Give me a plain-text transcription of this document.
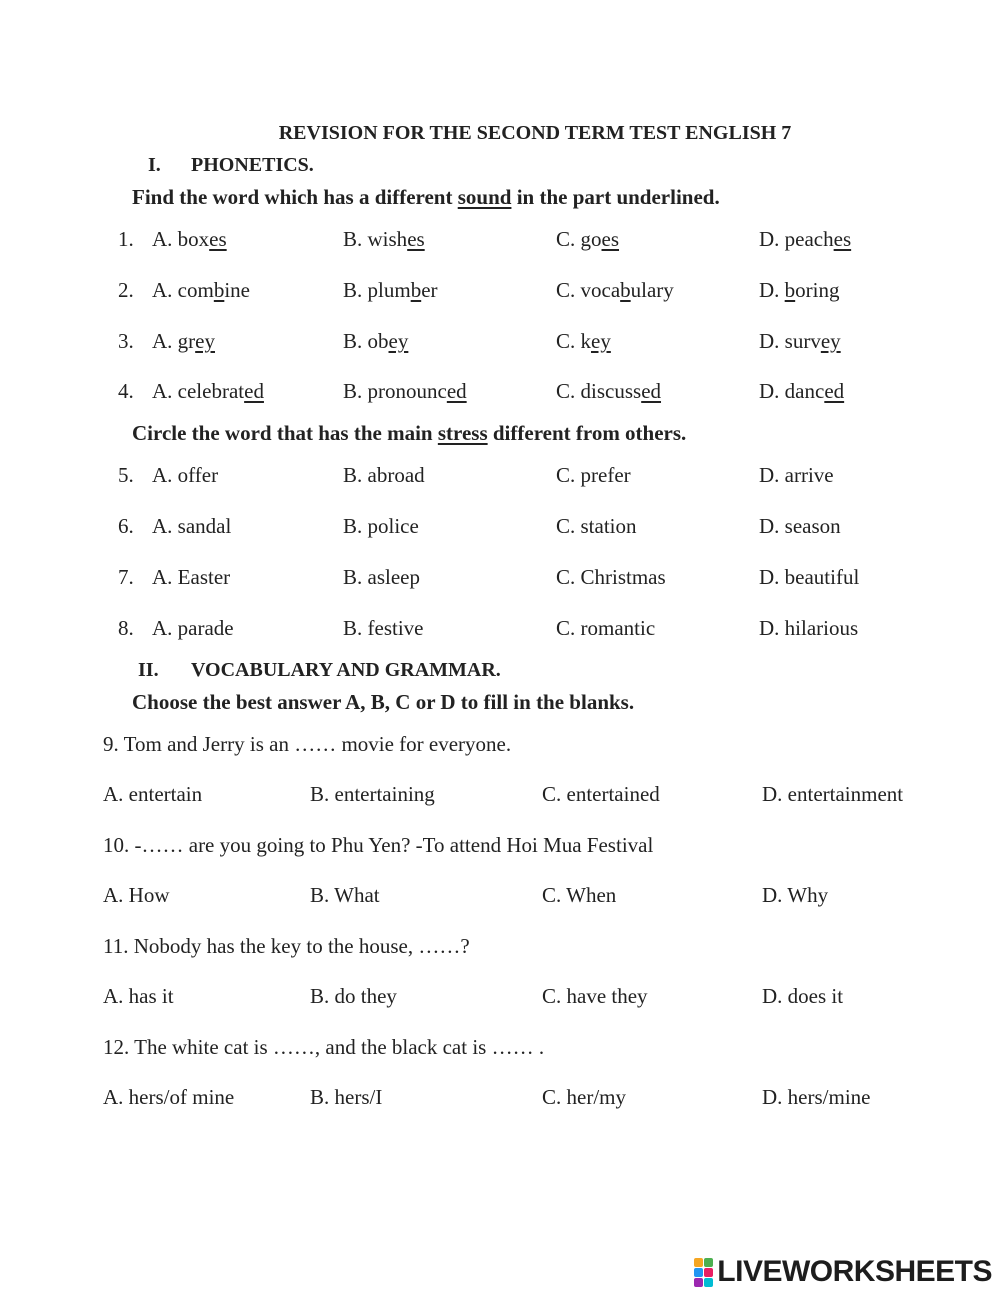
REVISION FOR THE SECOND TERM TEST ENGLISH 7
I. PHONETICS.
Find the word which has a different sound in the part underlined.
1. A. boxes	B. wishes	C. goes	D. peaches
2. A. combine	B. plumber	C. vocabulary	D. boring
3. A. grey	B. obey	C. key	D. survey
4. A. celebrated	B. pronounced	C. discussed	D. danced
Circle the word that has the main stress different from others.
5. A. offer	B. abroad	C. prefer	D. arrive
6. A. sandal	B. police	C. station	D. season
7. A. Easter	B. asleep	C. Christmas	D. beautiful
8. A. parade	B. festive	C. romantic	D. hilarious
II. VOCABULARY AND GRAMMAR.
Choose the best answer A, B, C or D to fill in the blanks.
9. Tom and Jerry is an …… movie for everyone.
A. entertain	B. entertaining	C. entertained	D. entertainment
10. -…… are you going to Phu Yen? -To attend Hoi Mua Festival
A. How	B. What	C. When	D. Why
11. Nobody has the key to the house, ……?
A. has it	B. do they	C. have they	D. does it
12. The white cat is ……, and the black cat is …… .
A. hers/of mine	B. hers/I	C. her/my	D. hers/mine
LIVEWORKSHEETS
